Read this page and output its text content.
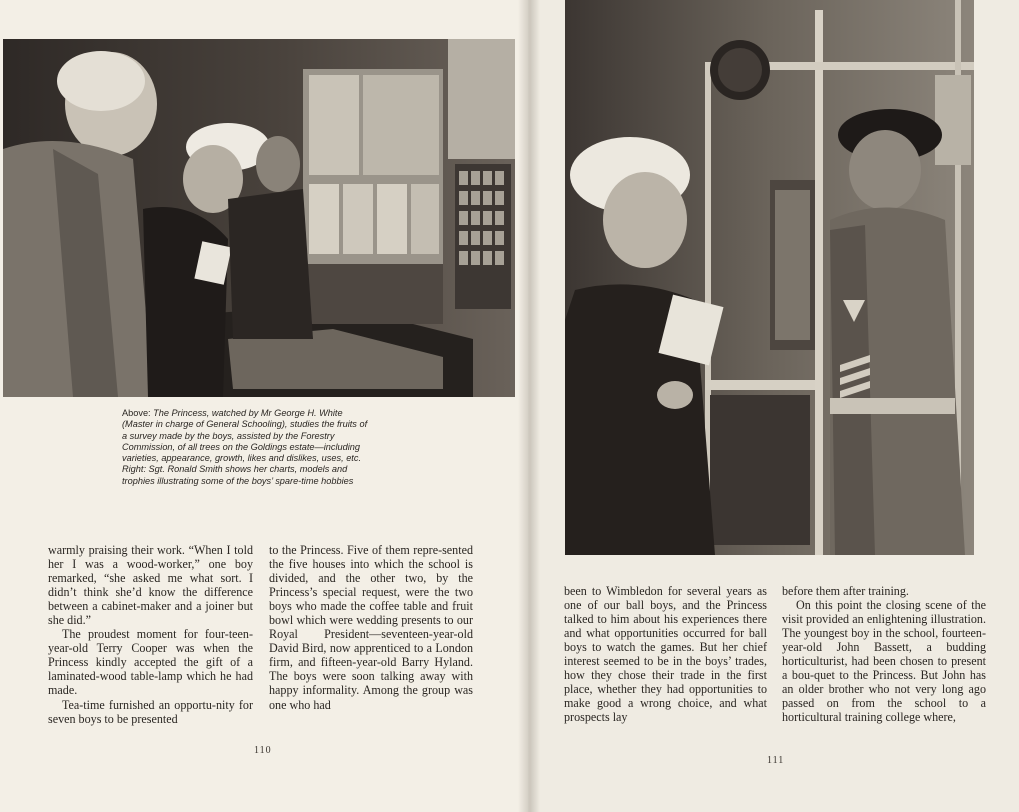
Above: The Princess, watched by Mr George H. White (Master in charge of General Schooling), studies the fruits of a survey made by the boys, assisted by the Forestry Commission, of all trees on the Goldings estate—including varieties, appearance, growth, likes and dislikes, uses, etc. Right: Sgt. Ronald Smith shows her charts, models and trophies illustrating some of the boys’ spare-time hobbies

warmly praising their work. “When I told her I was a wood-worker,” one boy remarked, “she asked me what sort. I didn’t think she’d know the difference between a cabinet-maker and a joiner but she did.”

The proudest moment for four-teen-year-old Terry Cooper was when the Princess kindly accepted the gift of a laminated-wood table-lamp which he had made.

Tea-time furnished an opportu-nity for seven boys to be presented

to the Princess. Five of them repre-sented the five houses into which the school is divided, and the other two, by the Princess’s special request, were the two boys who made the coffee table and fruit bowl which were wedding presents to our Royal President—seventeen-year-old David Bird, now apprenticed to a London firm, and fifteen-year-old Barry Hyland. The boys were soon talking away with happy informality. Among the group was one who had

110

been to Wimbledon for several years as one of our ball boys, and the Princess talked to him about his experiences there and what opportunities occurred for ball boys to watch the games. But her chief interest seemed to be in the boys’ trades, how they chose their trade in the first place, whether they had opportunities to make good a wrong choice, and what prospects lay

before them after training.

On this point the closing scene of the visit provided an enlightening illustration. The youngest boy in the school, fourteen-year-old John Bassett, a budding horticulturist, had been chosen to present a bou-quet to the Princess. But John has an older brother who not very long ago passed on from the school to a horticultural training college where,

111
